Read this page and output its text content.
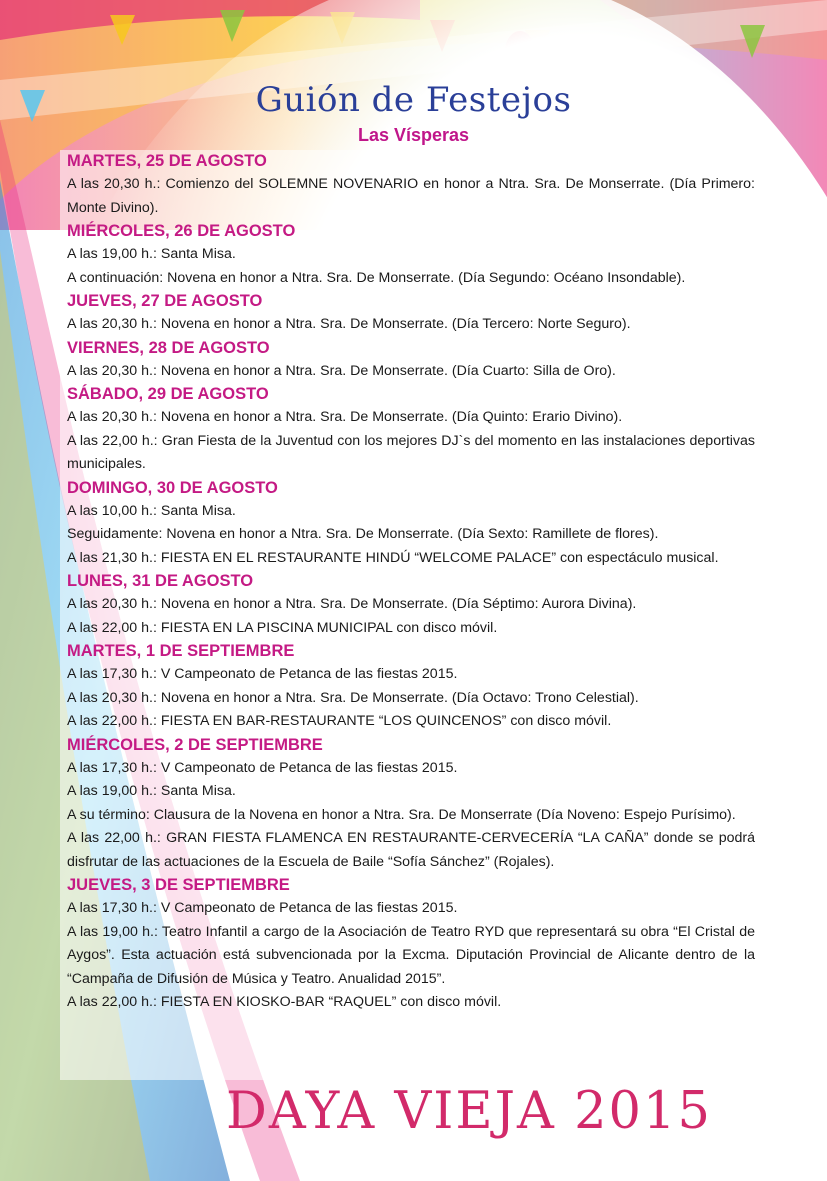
Guión de Festejos
Las Vísperas
MARTES, 25 DE AGOSTO
A las 20,30 h.: Comienzo del SOLEMNE NOVENARIO en honor a Ntra. Sra. De Monserrate. (Día Primero: Monte Divino).
MIÉRCOLES, 26 DE AGOSTO
A las 19,00 h.: Santa Misa.
A continuación: Novena en honor a Ntra. Sra. De Monserrate. (Día Segundo: Océano Insondable).
JUEVES, 27 DE AGOSTO
A las 20,30 h.: Novena en honor a Ntra. Sra. De Monserrate. (Día Tercero: Norte Seguro).
VIERNES, 28 DE AGOSTO
A las 20,30 h.: Novena en honor a Ntra. Sra. De Monserrate. (Día Cuarto: Silla de Oro).
SÁBADO, 29 DE AGOSTO
A las 20,30 h.: Novena en honor a Ntra. Sra. De Monserrate. (Día Quinto: Erario Divino).
A las 22,00 h.: Gran Fiesta de la Juventud con los mejores DJ`s del momento en las instalaciones deportivas municipales.
DOMINGO, 30 DE AGOSTO
A las 10,00 h.: Santa Misa.
Seguidamente: Novena en honor a Ntra. Sra. De Monserrate. (Día Sexto: Ramillete de flores).
A las 21,30 h.: FIESTA EN EL RESTAURANTE HINDÚ “WELCOME PALACE” con espectáculo musical.
LUNES, 31 DE AGOSTO
A las 20,30 h.: Novena en honor a Ntra. Sra. De Monserrate. (Día Séptimo: Aurora Divina).
A las 22,00 h.: FIESTA EN LA PISCINA MUNICIPAL con disco móvil.
MARTES, 1 DE SEPTIEMBRE
A las 17,30 h.: V Campeonato de Petanca de las fiestas 2015.
A las 20,30 h.: Novena en honor a Ntra. Sra. De Monserrate. (Día Octavo: Trono Celestial).
A las 22,00 h.: FIESTA EN BAR-RESTAURANTE “LOS QUINCENOS” con disco móvil.
MIÉRCOLES, 2 DE SEPTIEMBRE
A las 17,30 h.: V Campeonato de Petanca de las fiestas 2015.
A las 19,00 h.: Santa Misa.
A su término: Clausura de la Novena en honor a Ntra. Sra. De Monserrate (Día Noveno: Espejo Purísimo).
A las 22,00 h.: GRAN FIESTA FLAMENCA EN RESTAURANTE-CERVECERÍA “LA CAÑA” donde se podrá disfrutar de las actuaciones de la Escuela de Baile “Sofía Sánchez” (Rojales).
JUEVES, 3 DE SEPTIEMBRE
A las 17,30 h.: V Campeonato de Petanca de las fiestas 2015.
A las 19,00 h.: Teatro Infantil a cargo de la Asociación de Teatro RYD que representará su obra “El Cristal de Aygos”. Esta actuación está subvencionada por la Excma. Diputación Provincial de Alicante dentro de la “Campaña de Difusión de Música y Teatro. Anualidad 2015”.
A las 22,00 h.: FIESTA EN KIOSKO-BAR “RAQUEL” con disco móvil.
DAYA VIEJA 2015
